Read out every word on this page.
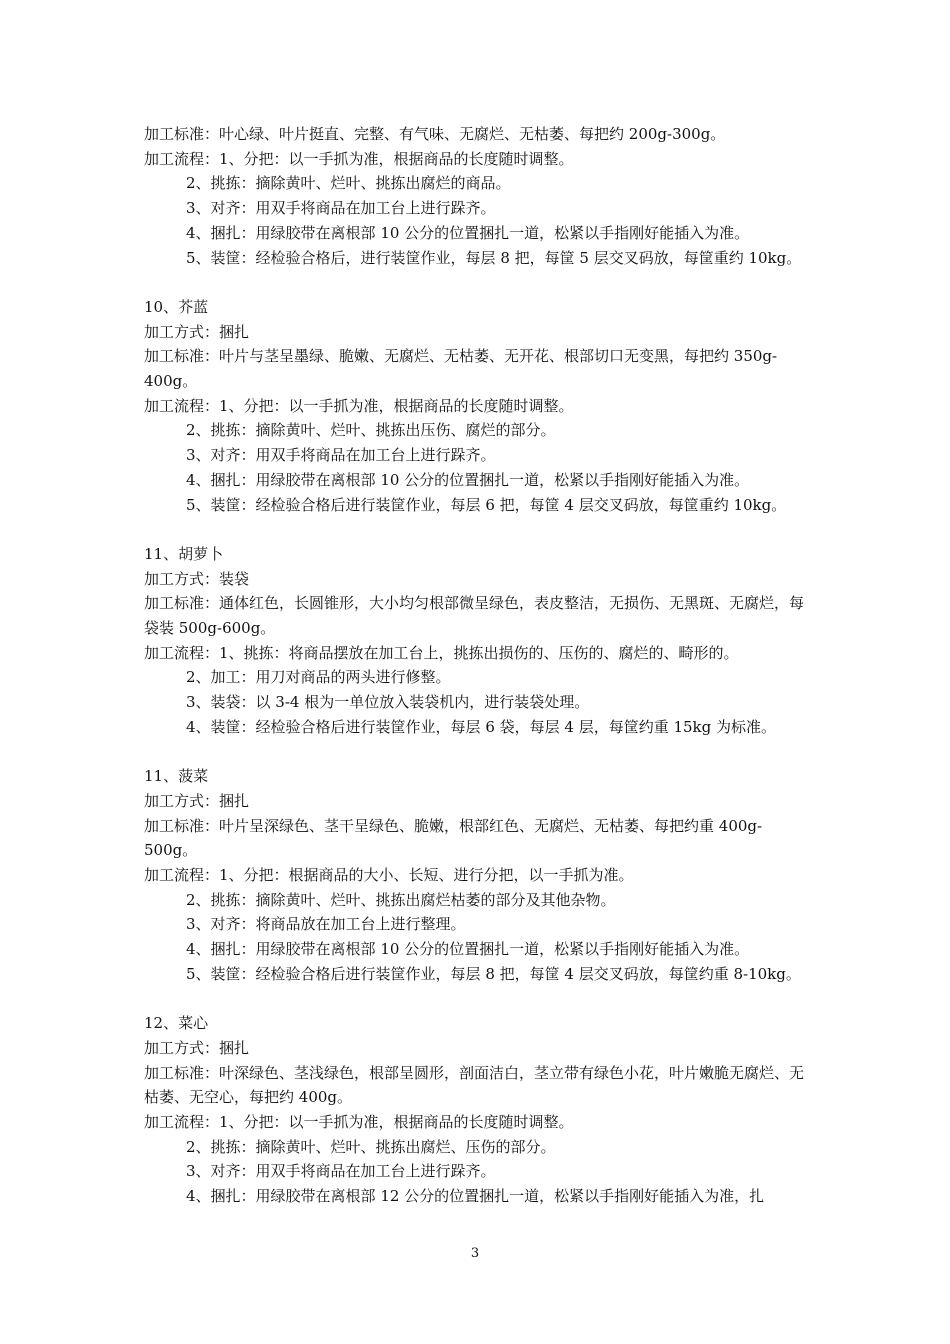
加工标准：叶心绿、叶片挺直、完整、有气味、无腐烂、无枯萎、每把约 200g-300g。
加工流程：1、分把：以一手抓为准，根据商品的长度随时调整。
2、挑拣：摘除黄叶、烂叶、挑拣出腐烂的商品。
3、对齐：用双手将商品在加工台上进行跺齐。
4、捆扎：用绿胶带在离根部 10 公分的位置捆扎一道，松紧以手指刚好能插入为准。
5、装筐：经检验合格后，进行装筐作业，每层 8 把，每筐 5 层交叉码放，每筐重约 10kg。
10、芥蓝
加工方式：捆扎
加工标准：叶片与茎呈墨绿、脆嫩、无腐烂、无枯萎、无开花、根部切口无变黑，每把约 350g-400g。
加工流程：1、分把：以一手抓为准，根据商品的长度随时调整。
2、挑拣：摘除黄叶、烂叶、挑拣出压伤、腐烂的部分。
3、对齐：用双手将商品在加工台上进行跺齐。
4、捆扎：用绿胶带在离根部 10 公分的位置捆扎一道，松紧以手指刚好能插入为准。
5、装筐：经检验合格后进行装筐作业，每层 6 把，每筐 4 层交叉码放，每筐重约 10kg。
11、胡萝卜
加工方式：装袋
加工标准：通体红色，长圆锥形，大小均匀根部微呈绿色，表皮整洁，无损伤、无黑斑、无腐烂，每袋装 500g-600g。
加工流程：1、挑拣：将商品摆放在加工台上，挑拣出损伤的、压伤的、腐烂的、畸形的。
2、加工：用刀对商品的两头进行修整。
3、装袋：以 3-4 根为一单位放入装袋机内，进行装袋处理。
4、装筐：经检验合格后进行装筐作业，每层 6 袋，每层 4 层，每筐约重 15kg 为标准。
11、菠菜
加工方式：捆扎
加工标准：叶片呈深绿色、茎干呈绿色、脆嫩，根部红色、无腐烂、无枯萎、每把约重 400g-500g。
加工流程：1、分把：根据商品的大小、长短、进行分把，以一手抓为准。
2、挑拣：摘除黄叶、烂叶、挑拣出腐烂枯萎的部分及其他杂物。
3、对齐：将商品放在加工台上进行整理。
4、捆扎：用绿胶带在离根部 10 公分的位置捆扎一道，松紧以手指刚好能插入为准。
5、装筐：经检验合格后进行装筐作业，每层 8 把，每筐 4 层交叉码放，每筐约重 8-10kg。
12、菜心
加工方式：捆扎
加工标准：叶深绿色、茎浅绿色，根部呈圆形，剖面洁白，茎立带有绿色小花，叶片嫩脆无腐烂、无枯萎、无空心，每把约 400g。
加工流程：1、分把：以一手抓为准，根据商品的长度随时调整。
2、挑拣：摘除黄叶、烂叶、挑拣出腐烂、压伤的部分。
3、对齐：用双手将商品在加工台上进行跺齐。
4、捆扎：用绿胶带在离根部 12 公分的位置捆扎一道，松紧以手指刚好能插入为准，扎
3
